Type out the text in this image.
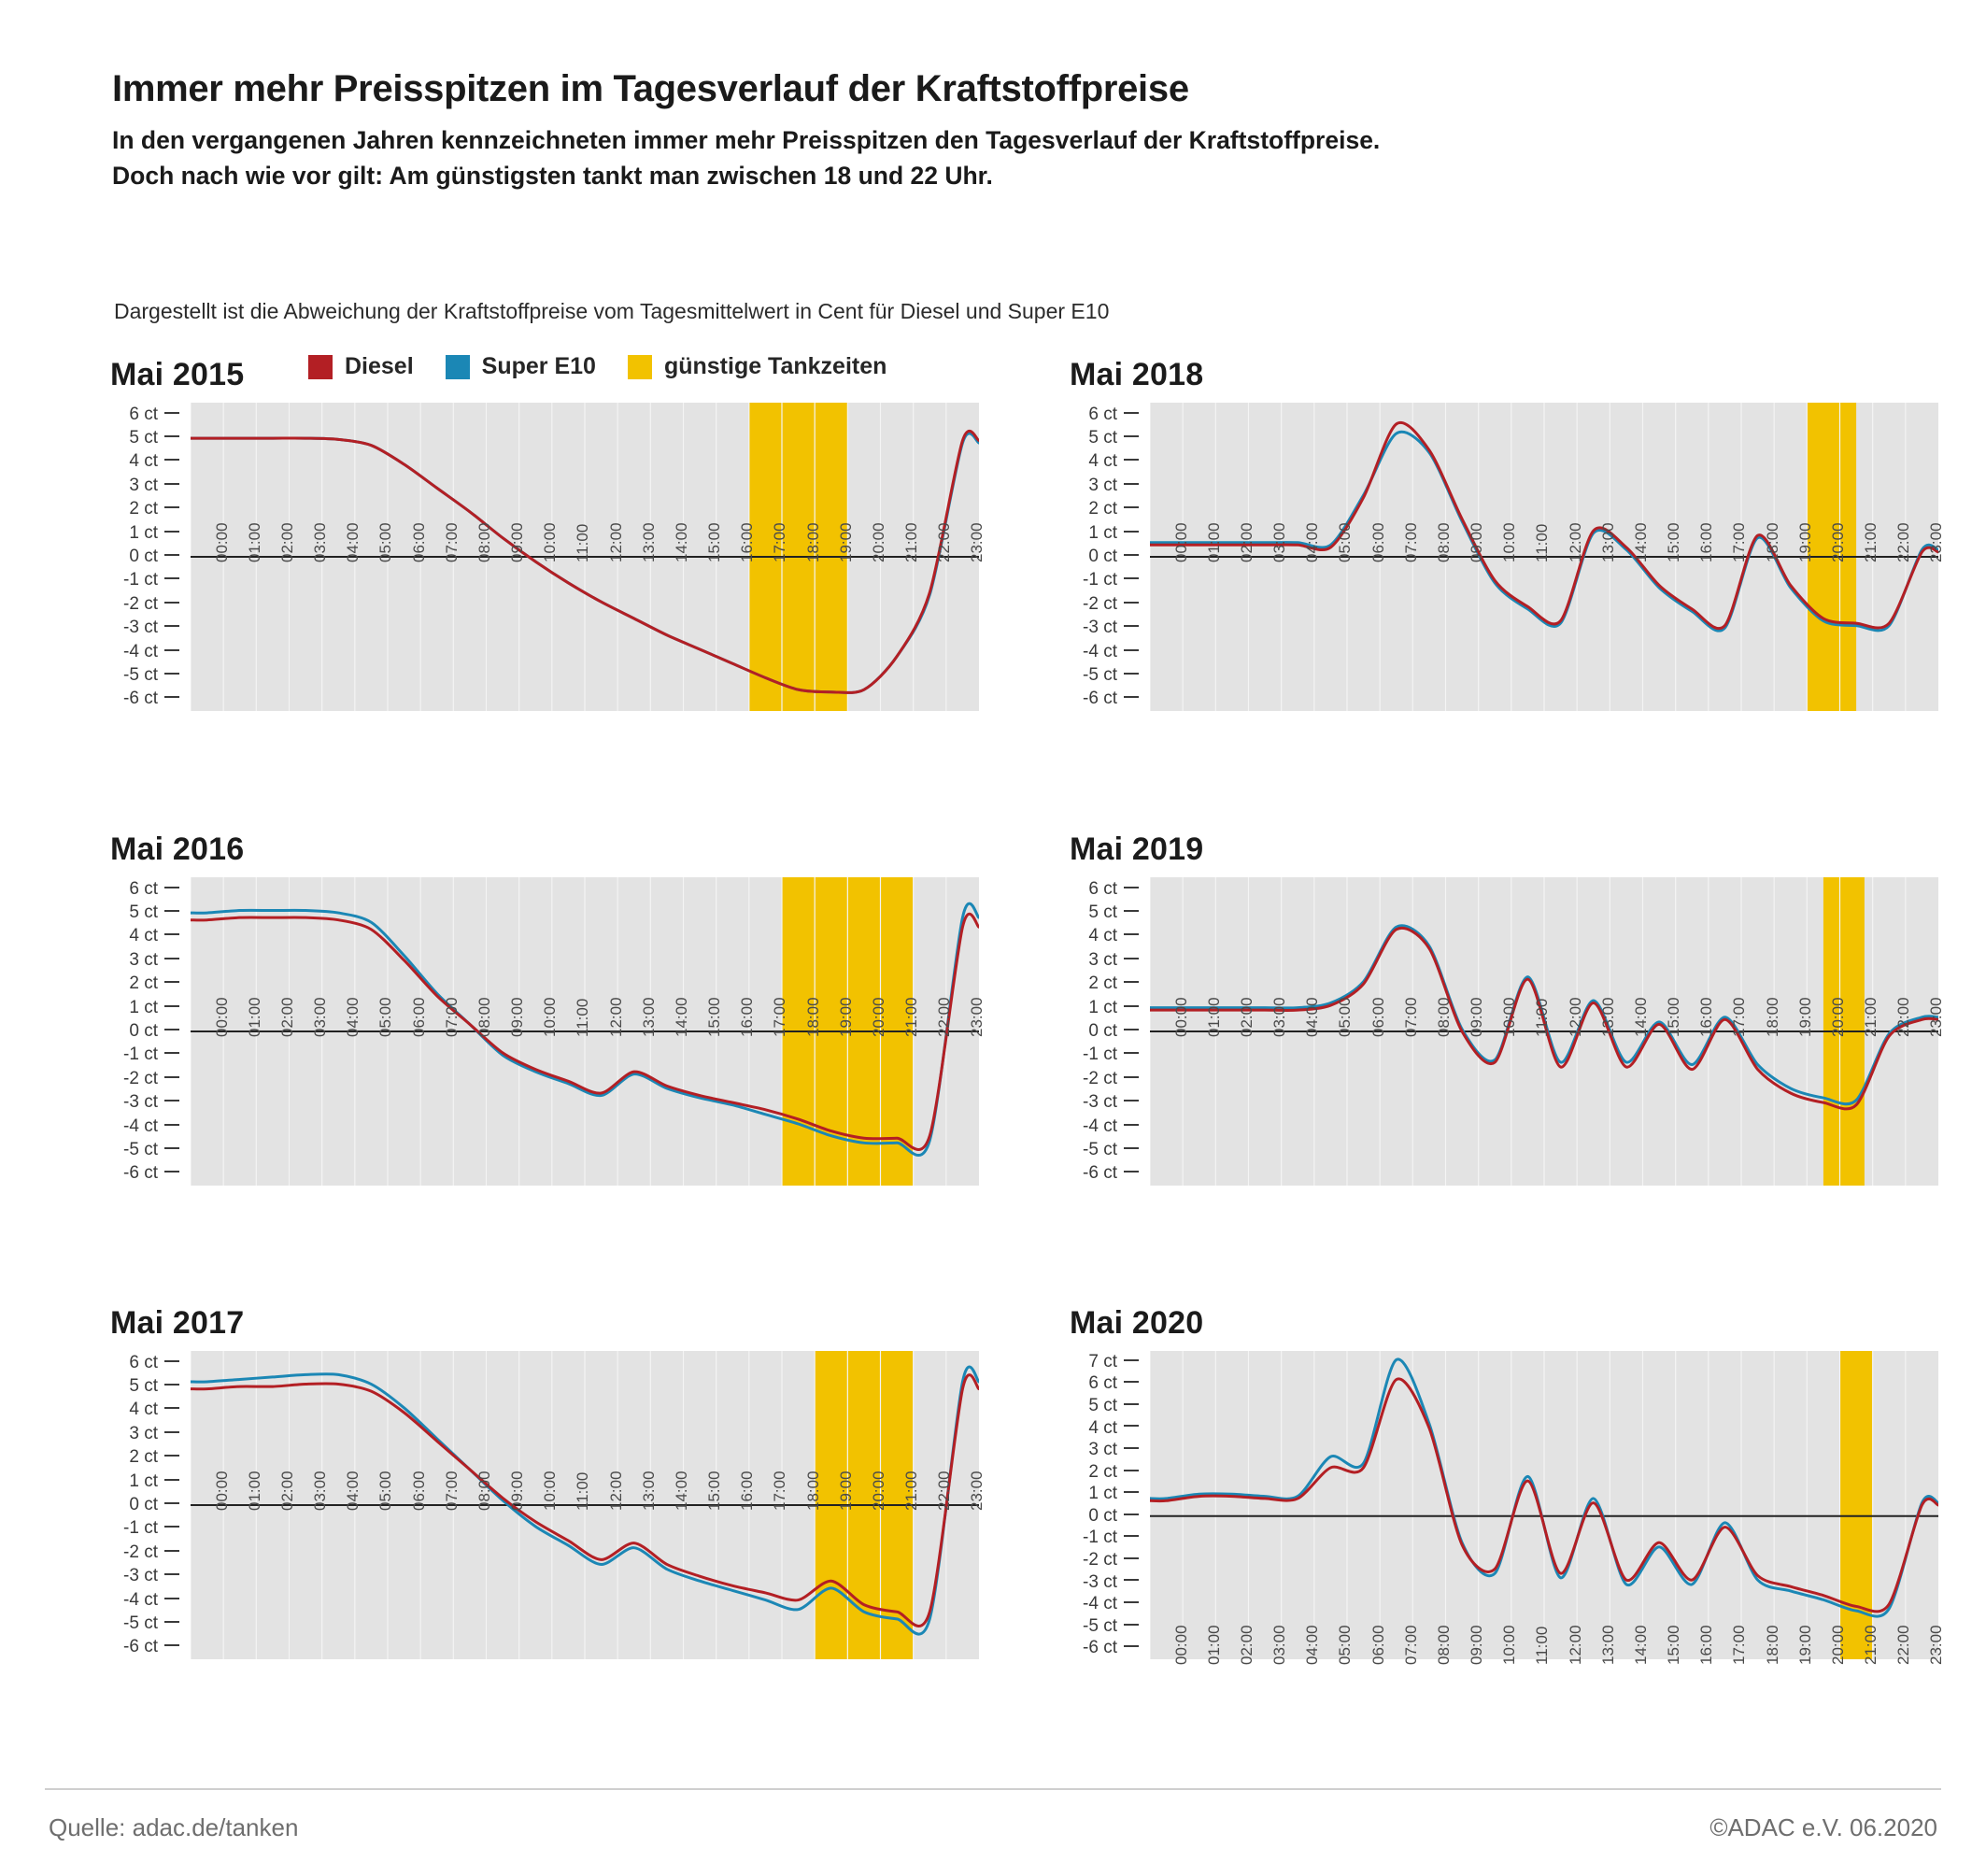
Immer mehr Preisspitzen im Tagesverlauf der Kraftstoffpreise

In den vergangenen Jahren kennzeichneten immer mehr Preisspitzen den Tagesverlauf der Kraftstoffpreise.
Doch nach wie vor gilt: Am günstigsten tankt man zwischen 18 und 22 Uhr.

Dargestellt ist die Abweichung der Kraftstoffpreise vom Tagesmittelwert in Cent für Diesel und Super E10
Diesel	Super E10	günstige Tankzeiten
Mai 2015
6 ct
5 ct
4 ct
3 ct
2 ct
1 ct
0 ct
-1 ct
-2 ct
-3 ct
-4 ct
-5 ct
-6 ct
00:00 01:00 02:00 03:00 04:00 05:00 06:00 07:00 08:00 09:00 10:00 11:00 12:00 13:00 14:00 15:00 16:00 17:00 18:00 19:00 20:00 21:00 22:00 23:00
Mai 2016
6 ct
5 ct
4 ct
3 ct
2 ct
1 ct
0 ct
-1 ct
-2 ct
-3 ct
-4 ct
-5 ct
-6 ct
00:00 01:00 02:00 03:00 04:00 05:00 06:00 07:00 08:00 09:00 10:00 11:00 12:00 13:00 14:00 15:00 16:00 17:00 18:00 19:00 20:00 21:00 22:00 23:00
Mai 2017
6 ct
5 ct
4 ct
3 ct
2 ct
1 ct
0 ct
-1 ct
-2 ct
-3 ct
-4 ct
-5 ct
-6 ct
00:00 01:00 02:00 03:00 04:00 05:00 06:00 07:00 08:00 09:00 10:00 11:00 12:00 13:00 14:00 15:00 16:00 17:00 18:00 19:00 20:00 21:00 22:00 23:00
Mai 2018
6 ct
5 ct
4 ct
3 ct
2 ct
1 ct
0 ct
-1 ct
-2 ct
-3 ct
-4 ct
-5 ct
-6 ct
00:00 01:00 02:00 03:00 04:00 05:00 06:00 07:00 08:00 09:00 10:00 11:00 12:00 13:00 14:00 15:00 16:00 17:00 18:00 19:00 20:00 21:00 22:00 23:00
Mai 2019
6 ct
5 ct
4 ct
3 ct
2 ct
1 ct
0 ct
-1 ct
-2 ct
-3 ct
-4 ct
-5 ct
-6 ct
00:00 01:00 02:00 03:00 04:00 05:00 06:00 07:00 08:00 09:00 10:00 11:00 12:00 13:00 14:00 15:00 16:00 17:00 18:00 19:00 20:00 21:00 22:00 23:00
Mai 2020
7 ct
6 ct
5 ct
4 ct
3 ct
2 ct
1 ct
0 ct
-1 ct
-2 ct
-3 ct
-4 ct
-5 ct
-6 ct	00:00 01:00 02:00 03:00 04:00 05:00 06:00 07:00 08:00 09:00 10:00 11:00 12:00 13:00 14:00 15:00 16:00 17:00 18:00 19:00 20:00 21:00 22:00 23:00
Quelle: adac.de/tanken	©ADAC e.V. 06.2020
